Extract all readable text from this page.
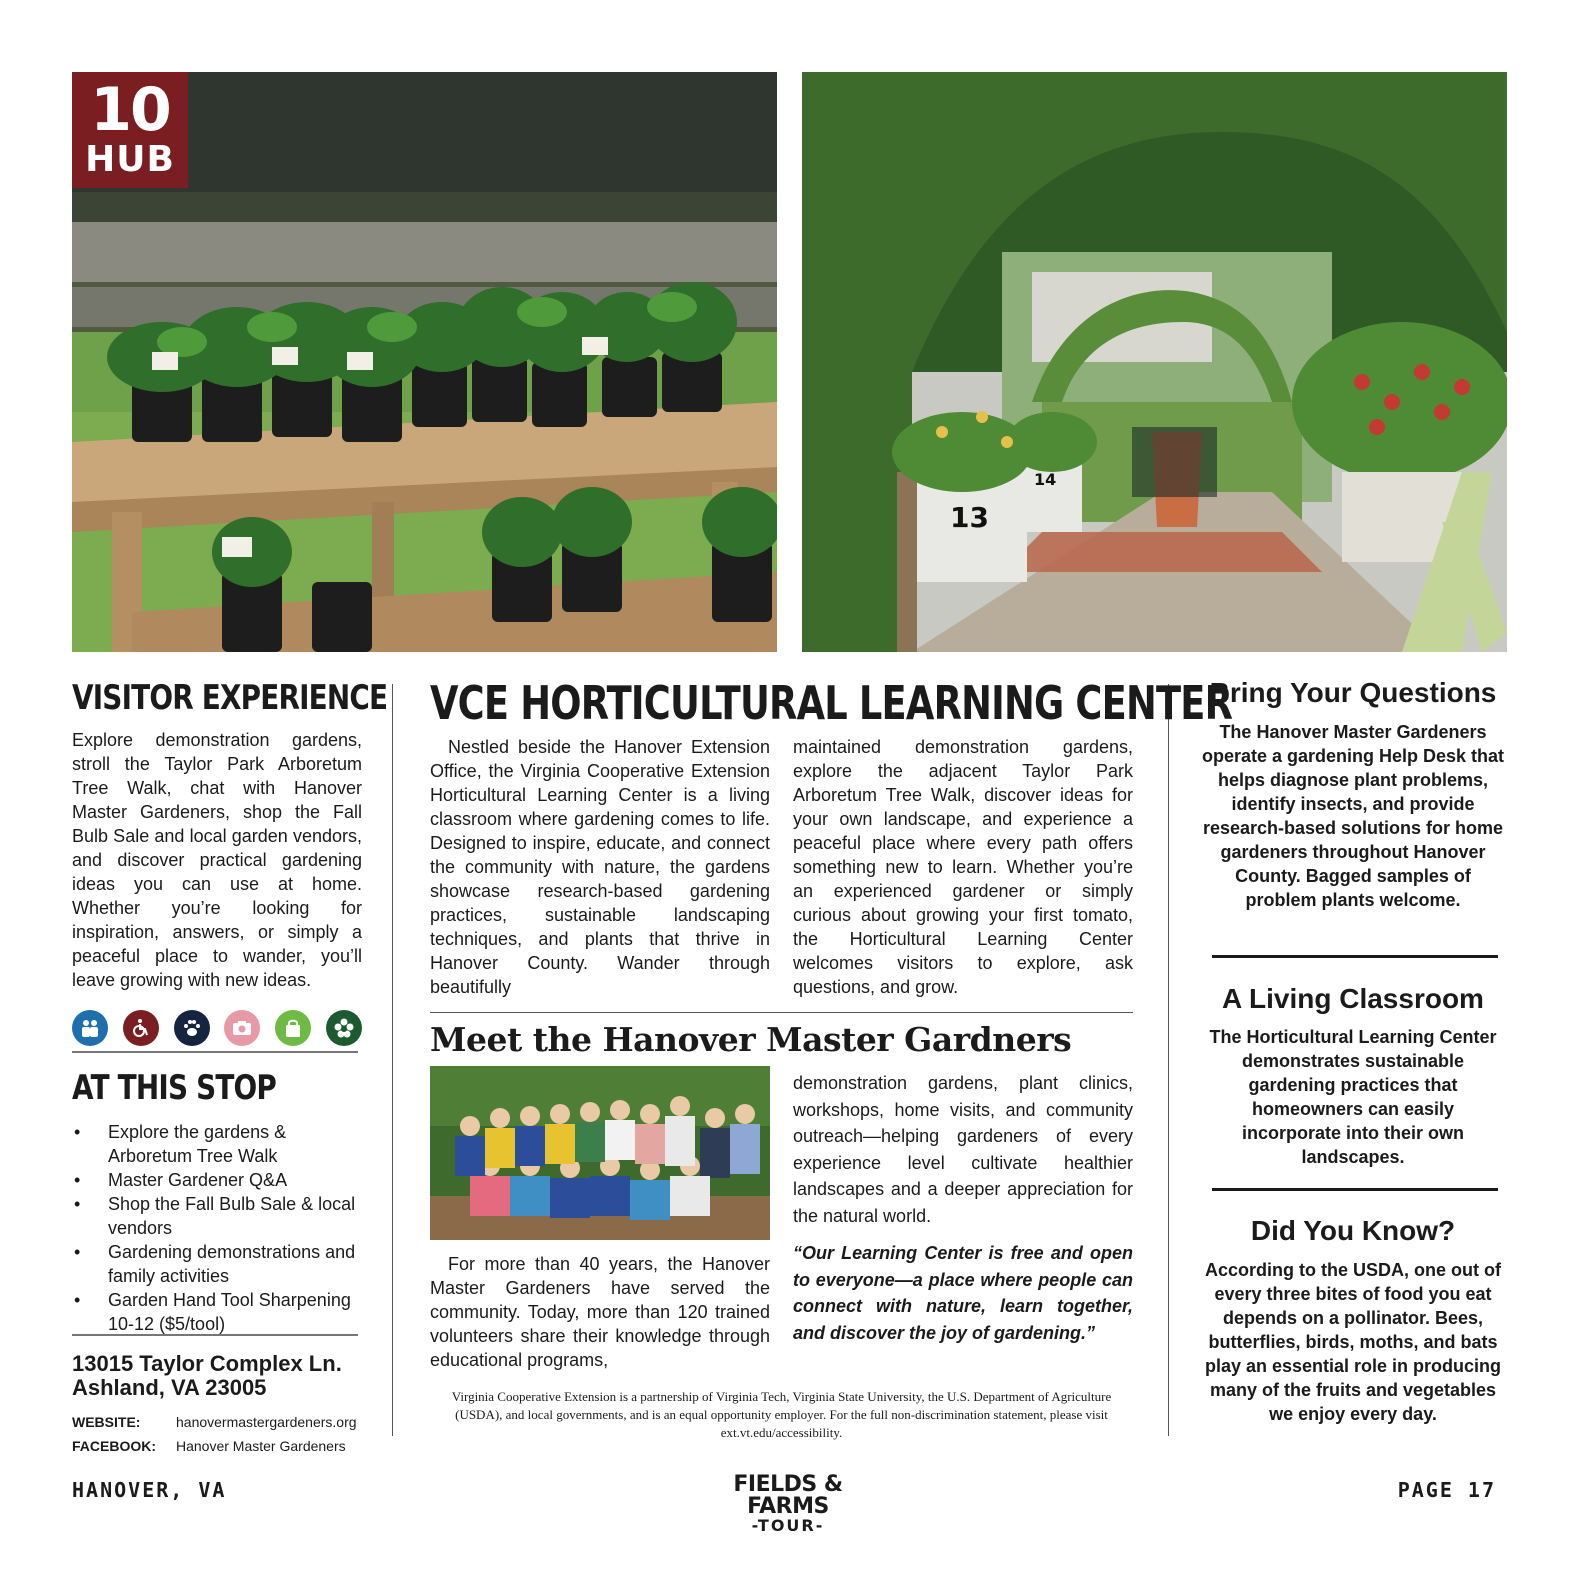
10
HUB
13
14
VISITOR EXPERIENCE
Explore demonstration gardens, stroll the Taylor Park Arboretum Tree Walk, chat with Hanover Master Gardeners, shop the Fall Bulb Sale and local garden vendors, and discover practical gardening ideas you can use at home. Whether you’re looking for inspiration, answers, or simply a peaceful place to wander, you’ll leave growing with new ideas.
AT THIS STOP
• Explore the gardens & Arboretum Tree Walk
• Master Gardener Q&A
• Shop the Fall Bulb Sale & local vendors
• Gardening demonstrations and family activities
• Garden Hand Tool Sharpening 10-12 ($5/tool)
13015 Taylor Complex Ln.
Ashland, VA 23005
WEBSITE:	hanovermastergardeners.org
FACEBOOK: Hanover Master Gardeners
VCE HORTICULTURAL LEARNING CENTER
Nestled beside the Hanover Extension Office, the Virginia Cooperative Extension Horticultural Learning Center is a living classroom where gardening comes to life. Designed to inspire, educate, and connect the community with nature, the gardens showcase research-based gardening practices, sustainable landscaping techniques, and plants that thrive in Hanover County. Wander through beautifully
maintained demonstration gardens, explore the adjacent Taylor Park Arboretum Tree Walk, discover ideas for your own landscape, and experience a peaceful place where every path offers something new to learn. Whether you’re an experienced gardener or simply curious about growing your first tomato, the Horticultural Learning Center welcomes visitors to explore, ask questions, and grow.
Meet the Hanover Master Gardners
For more than 40 years, the Hanover Master Gardeners have served the community. Today, more than 120 trained volunteers share their knowledge through educational programs,
demonstration gardens, plant clinics, workshops, home visits, and community outreach—helping gardeners of every experience level cultivate healthier landscapes and a deeper appreciation for the natural world.
“Our Learning Center is free and open to everyone—a place where people can connect with nature, learn together, and discover the joy of gardening.”
Virginia Cooperative Extension is a partnership of Virginia Tech, Virginia State University, the U.S. Department of Agriculture (USDA), and local governments, and is an equal opportunity employer. For the full non-discrimination statement, please visit ext.vt.edu/accessibility.
Bring Your Questions
The Hanover Master Gardeners operate a gardening Help Desk that helps diagnose plant problems, identify insects, and provide research-based solutions for home gardeners throughout Hanover County. Bagged samples of problem plants welcome.
A Living Classroom
The Horticultural Learning Center demonstrates sustainable gardening practices that homeowners can easily incorporate into their own landscapes.
Did You Know?
According to the USDA, one out of every three bites of food you eat depends on a pollinator. Bees, butterflies, birds, moths, and bats play an essential role in producing many of the fruits and vegetables we enjoy every day.
HANOVER, VA	FIELDS & FARMS
-TOUR-
PAGE 17
